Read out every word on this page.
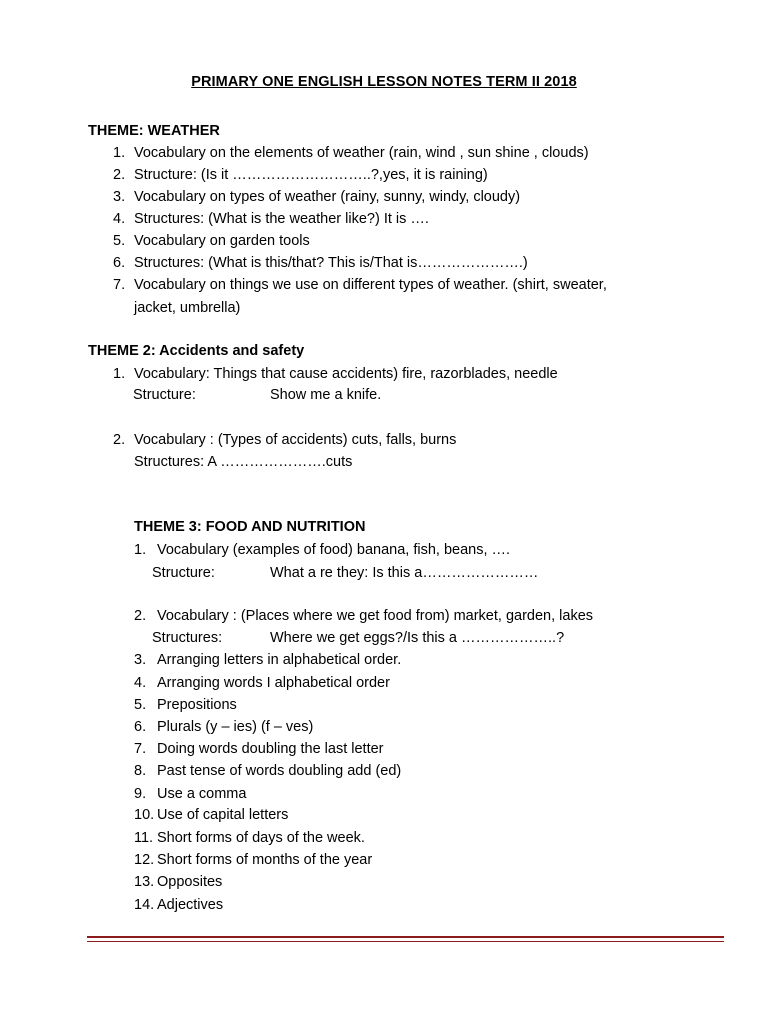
PRIMARY ONE ENGLISH LESSON NOTES TERM II 2018
THEME: WEATHER
1. Vocabulary on the elements of weather (rain, wind , sun shine , clouds)
2. Structure: (Is it ………………………..?,yes, it is raining)
3. Vocabulary on types of weather (rainy, sunny, windy, cloudy)
4. Structures: (What is the weather like?) It is ….
5. Vocabulary on garden tools
6. Structures: (What is this/that? This is/That is………………….)
7. Vocabulary on things we use on different types of weather. (shirt, sweater,
jacket, umbrella)
THEME 2: Accidents and safety
1. Vocabulary: Things that cause accidents) fire, razorblades, needle
Structure:	Show me a knife.
2. Vocabulary : (Types of accidents) cuts, falls, burns
Structures: A ………………….cuts
THEME 3: FOOD AND NUTRITION
1. Vocabulary (examples of food) banana, fish, beans, ….
Structure:	What a re they: Is this a……………………
2. Vocabulary : (Places where we get food from) market, garden, lakes
Structures:	Where we get eggs?/Is this a ………………..?
3. Arranging letters in alphabetical order.
4. Arranging words I alphabetical order
5. Prepositions
6. Plurals (y – ies) (f – ves)
7. Doing words doubling the last letter
8. Past tense of words doubling add (ed)
9. Use a comma
10. Use of capital letters
11. Short forms of days of the week.
12. Short forms of months of the year
13. Opposites
14. Adjectives
